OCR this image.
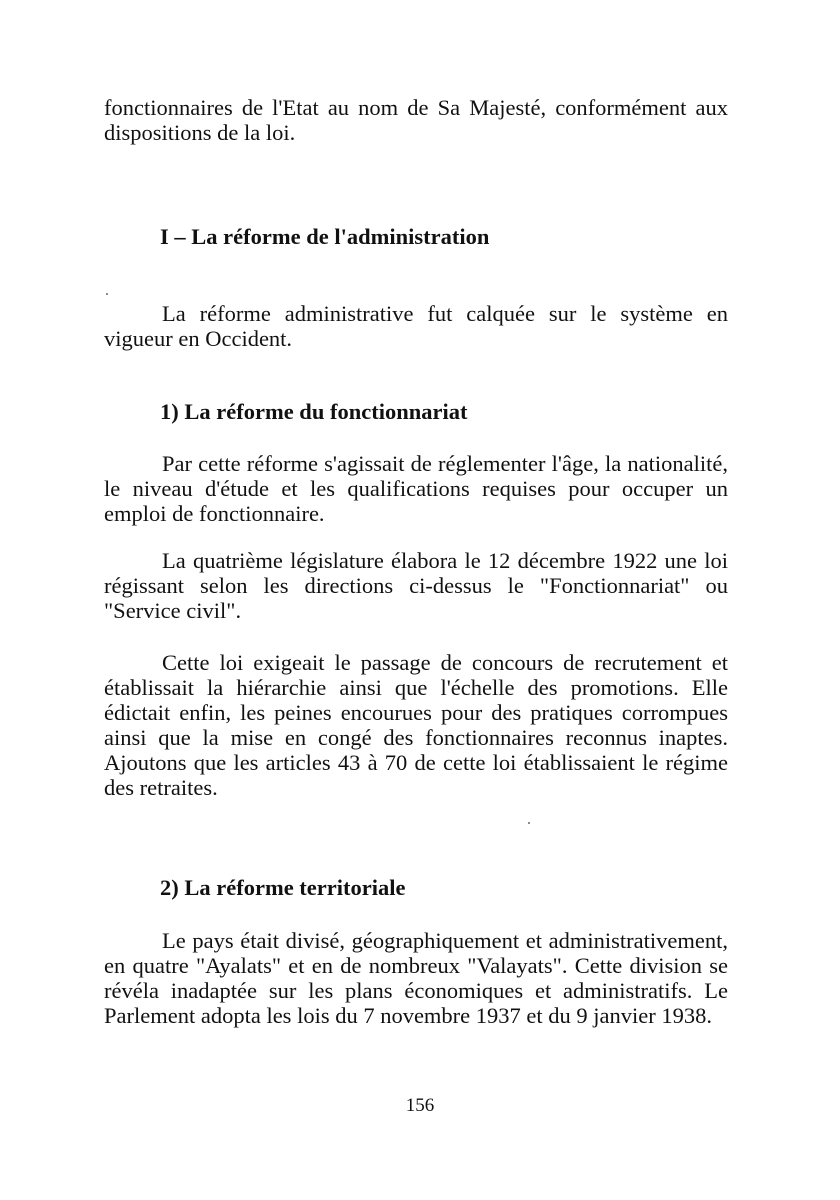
fonctionnaires de l'Etat au nom de Sa Majesté, conformément aux dispositions de la loi.

I – La réforme de l'administration

La réforme administrative fut calquée sur le système en vigueur en Occident.

1) La réforme du fonctionnariat

Par cette réforme s'agissait de réglementer l'âge, la nationalité, le niveau d'étude et les qualifications requises pour occuper un emploi de fonctionnaire.

La quatrième législature élabora le 12 décembre 1922 une loi régissant selon les directions ci-dessus le "Fonctionnariat" ou "Service civil".

Cette loi exigeait le passage de concours de recrutement et établissait la hiérarchie ainsi que l'échelle des promotions. Elle édictait enfin, les peines encourues pour des pratiques corrompues ainsi que la mise en congé des fonctionnaires reconnus inaptes. Ajoutons que les articles 43 à 70 de cette loi établissaient le régime des retraites.

2) La réforme territoriale

Le pays était divisé, géographiquement et administrativement, en quatre "Ayalats" et en de nombreux "Valayats". Cette division se révéla inadaptée sur les plans économiques et administratifs. Le Parlement adopta les lois du 7 novembre 1937 et du 9 janvier 1938.

156
